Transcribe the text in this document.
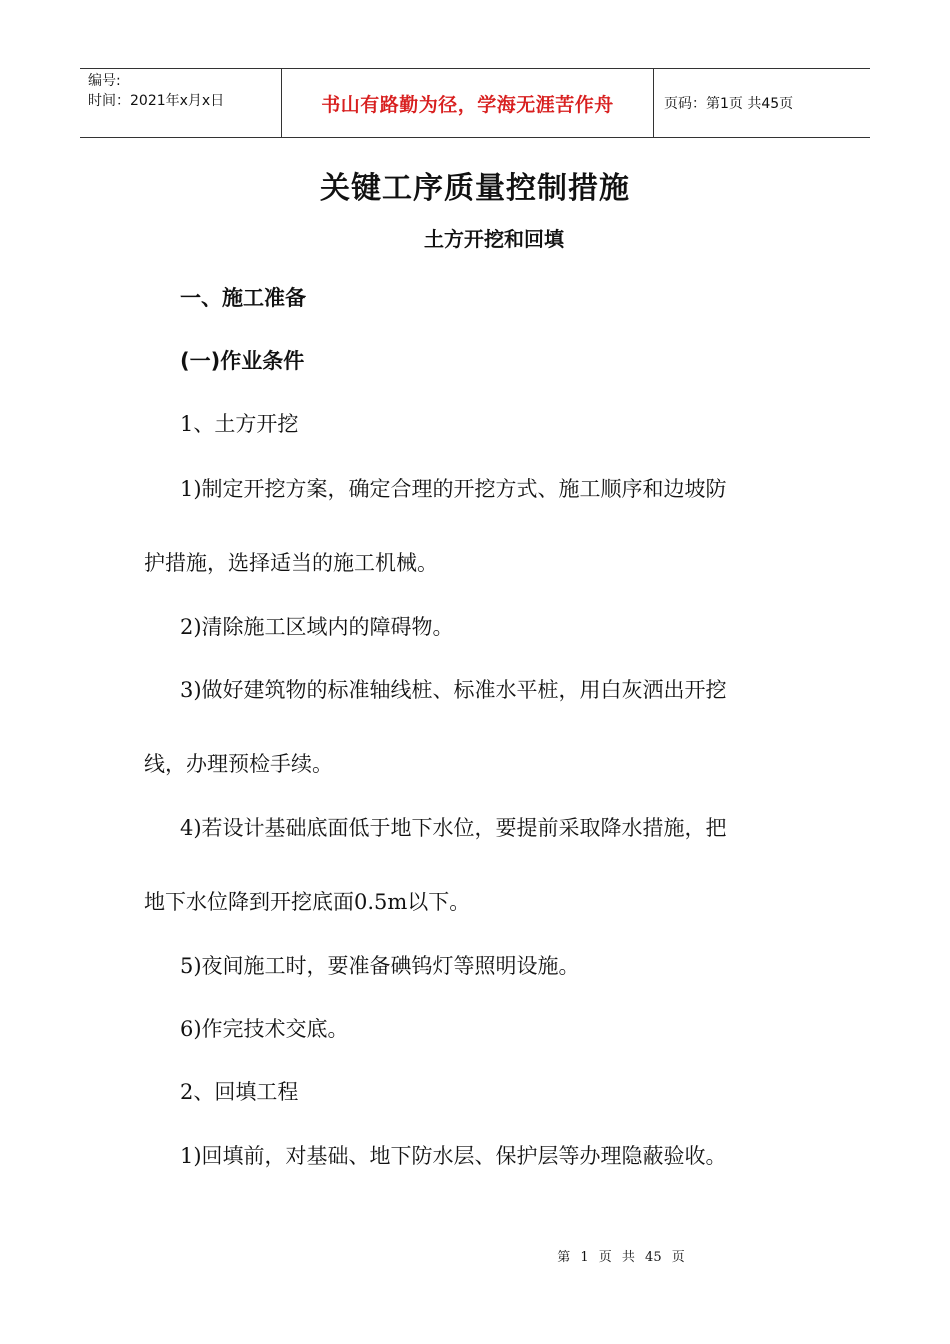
编号:
时间：2021年x月x日	书山有路勤为径，学海无涯苦作舟	页码：第1页 共45页
关键工序质量控制措施
土方开挖和回填
一、施工准备
(一)作业条件
1、土方开挖
1)制定开挖方案，确定合理的开挖方式、施工顺序和边坡防
护措施，选择适当的施工机械。
2)清除施工区域内的障碍物。
3)做好建筑物的标准轴线桩、标准水平桩，用白灰洒出开挖
线，办理预检手续。
4)若设计基础底面低于地下水位，要提前采取降水措施，把
地下水位降到开挖底面0.5m以下。
5)夜间施工时，要准备碘钨灯等照明设施。
6)作完技术交底。
2、回填工程
1)回填前，对基础、地下防水层、保护层等办理隐蔽验收。
第 1 页 共 45 页
